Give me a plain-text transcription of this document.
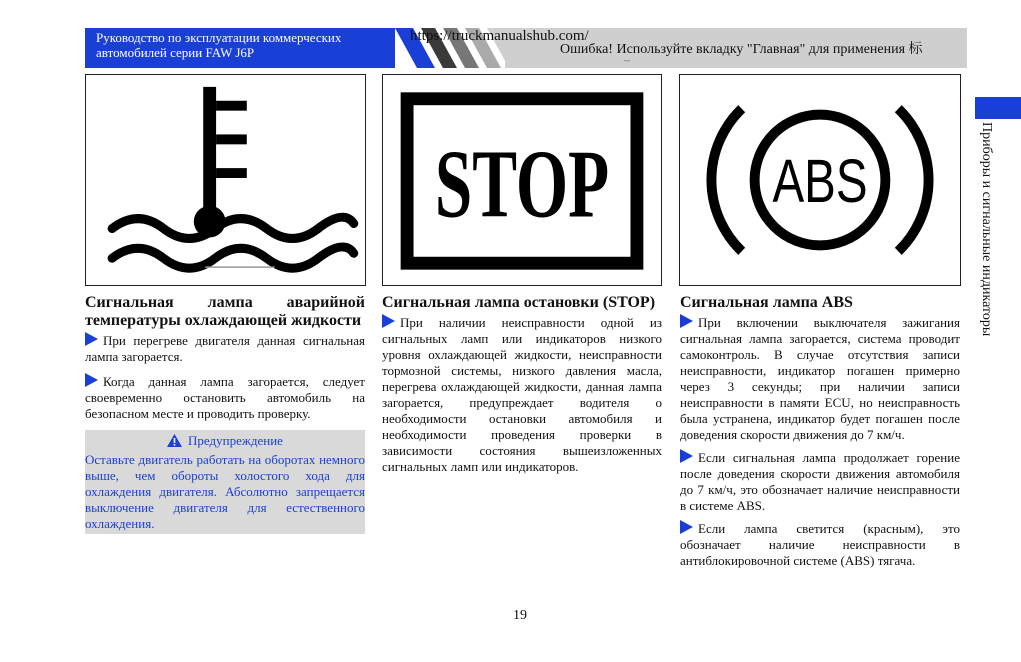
Руководство по эксплуатации коммерческих автомобилей серии FAW J6P
https://truckmanualshub.com/
Ошибка! Используйте вкладку "Главная" для применения 标
--
Приборы и сигнальные индикаторы
STOP	ABS
Сигнальная лампа аварийной температуры охлаждающей жидкости

При перегреве двигателя данная сигнальная лампа загорается.

Когда данная лампа загорается, следует своевременно остановить автомобиль на безопасном месте и проводить проверку.

Предупреждение
Оставьте двигатель работать на оборотах немного выше, чем обороты холостого хода для охлаждения двигателя. Абсолютно запрещается выключение двигателя для естественного охлаждения.
Сигнальная лампа остановки (STOP)

При наличии неисправности одной из сигнальных ламп или индикаторов низкого уровня охлаждающей жидкости, неисправности тормозной системы, низкого давления масла, перегрева охлаждающей жидкости, данная лампа загорается, предупреждает водителя о необходимости остановки автомобиля и необходимости проведения проверки в зависимости состояния вышеизложенных сигнальных ламп или индикаторов.

Сигнальная лампа ABS

При включении выключателя зажигания сигнальная лампа загорается, система проводит самоконтроль. В случае отсутствия записи неисправности, индикатор погашен примерно через 3 секунды; при наличии записи неисправности в памяти ECU, но неисправность была устранена, индикатор будет погашен после доведения скорости движения до 7 км/ч.

Если сигнальная лампа продолжает горение после доведения скорости движения автомобиля до 7 км/ч, это обозначает наличие неисправности в системе ABS.

Если лампа светится (красным), это обозначает наличие неисправности в антиблокировочной системе (ABS) тягача.

19
